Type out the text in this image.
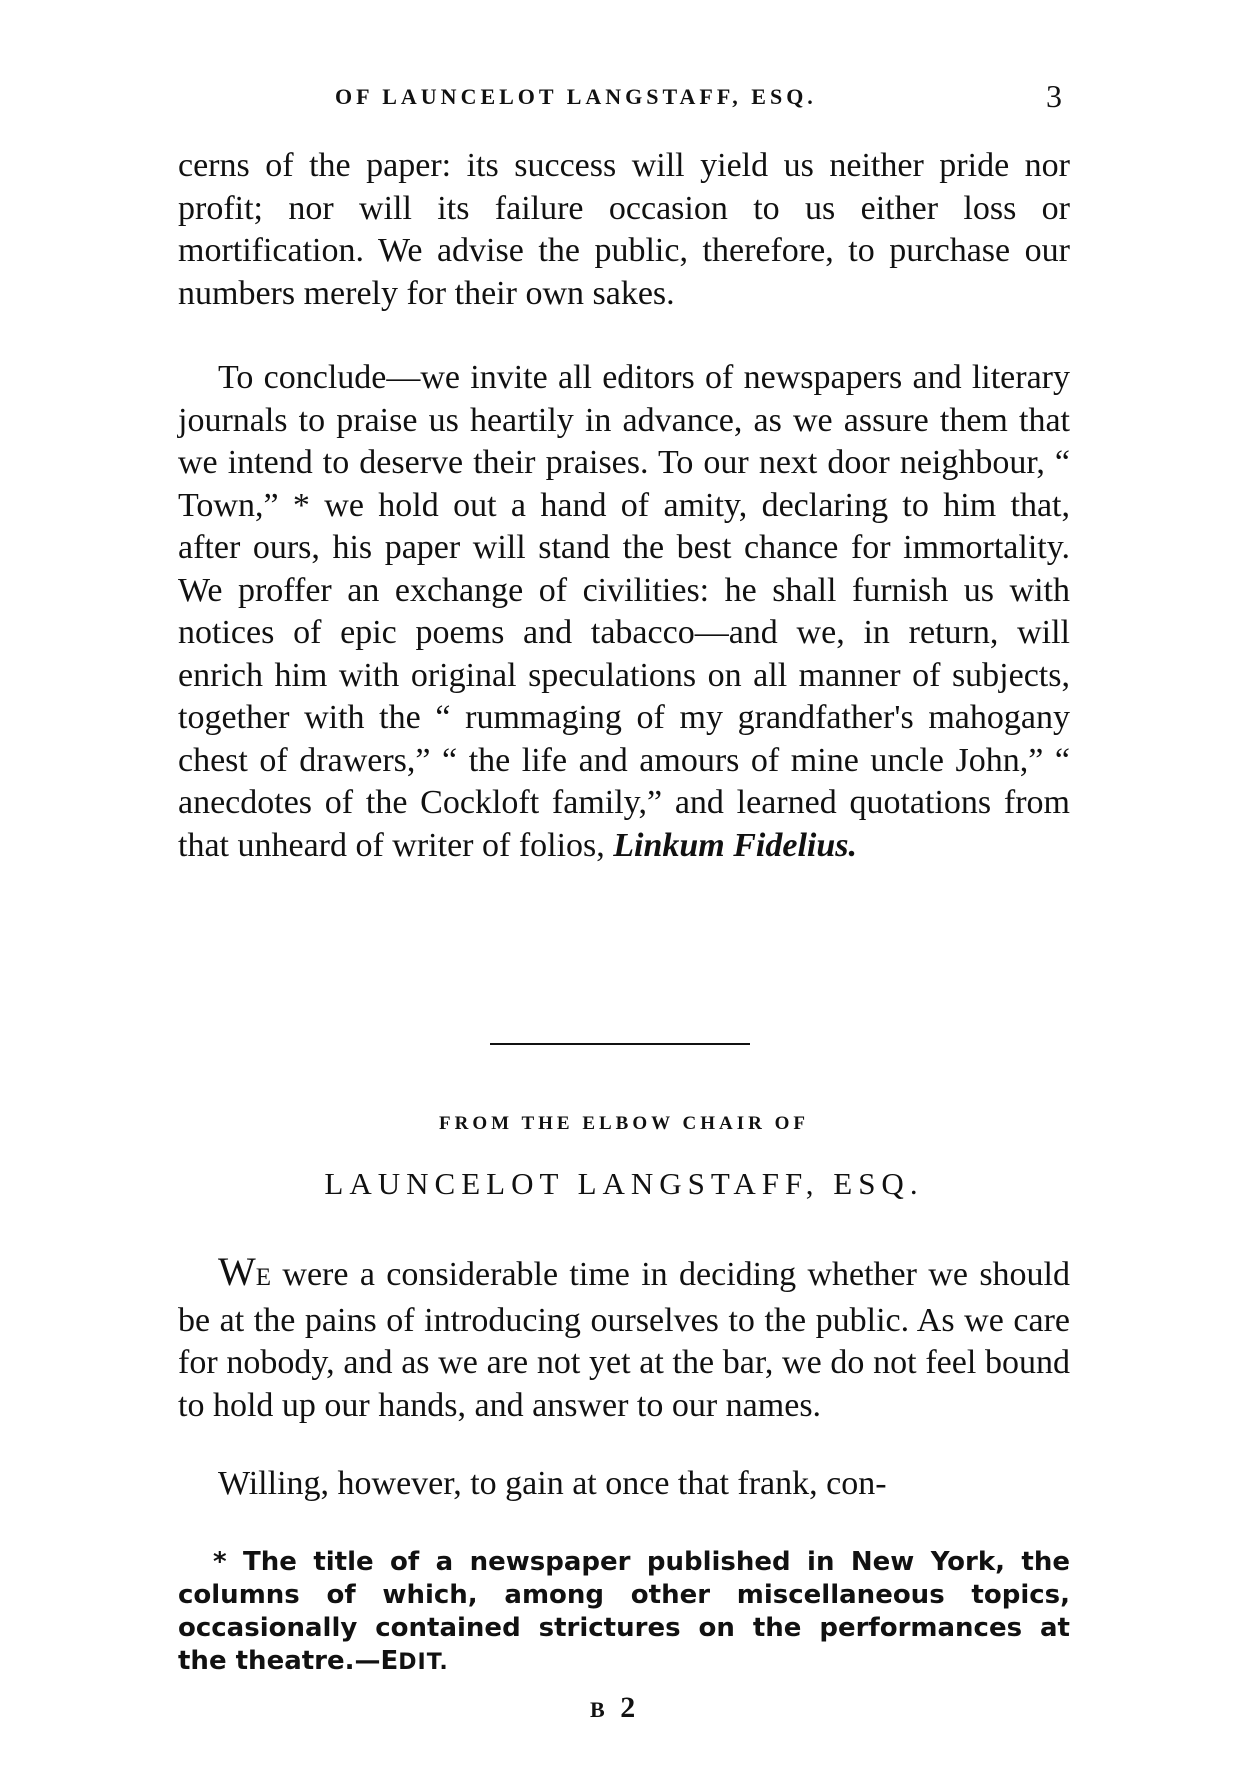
OF LAUNCELOT LANGSTAFF, ESQ.	3

cerns of the paper: its success will yield us neither pride nor profit; nor will its failure occasion to us either loss or mortification. We advise the public, therefore, to purchase our numbers merely for their own sakes.

To conclude—we invite all editors of newspapers and literary journals to praise us heartily in advance, as we assure them that we intend to deserve their praises. To our next door neighbour, “ Town,” * we hold out a hand of amity, declaring to him that, after ours, his paper will stand the best chance for immortality. We proffer an exchange of civilities: he shall furnish us with notices of epic poems and tabacco—and we, in return, will enrich him with original speculations on all manner of subjects, together with the “ rummaging of my grandfather's mahogany chest of drawers,” “ the life and amours of mine uncle John,” “ anecdotes of the Cockloft family,” and learned quotations from that unheard of writer of folios, Linkum Fidelius.

FROM THE ELBOW CHAIR OF
LAUNCELOT LANGSTAFF, ESQ.

WE were a considerable time in deciding whether we should be at the pains of introducing ourselves to the public. As we care for nobody, and as we are not yet at the bar, we do not feel bound to hold up our hands, and answer to our names.

Willing, however, to gain at once that frank, con-

* The title of a newspaper published in New York, the columns of which, among other miscellaneous topics, occasionally contained strictures on the performances at the theatre.—EDIT.

B 2
